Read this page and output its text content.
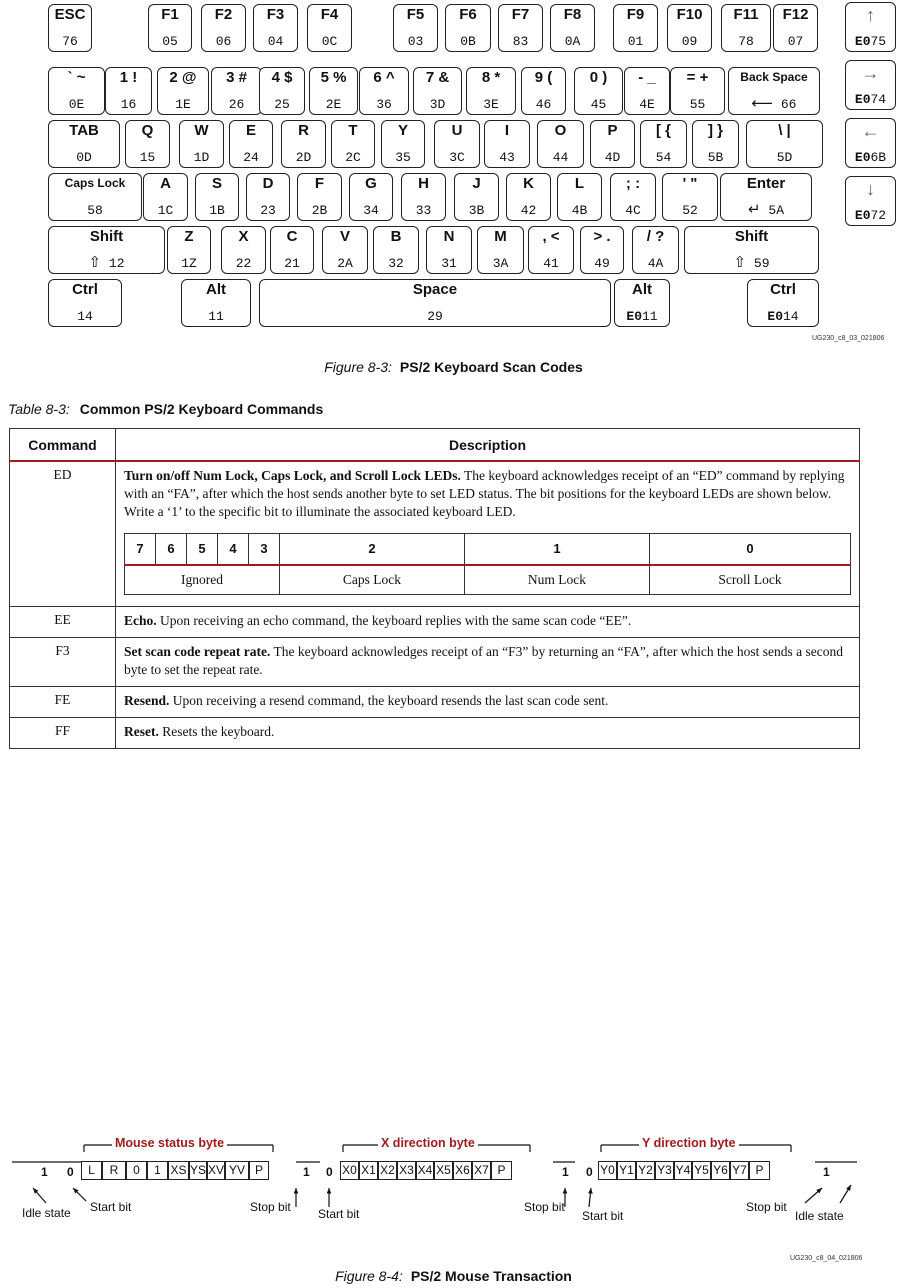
ESC
76
F1
05
F2
06
F3
04
F4
0C
F5
03
F6
0B
F7
83
F8
0A
F9
01
F10
09
F11
78
F12
07
` ~
0E
1 !
16
2 @
1E
3 #
26
4 $
25
5 %
2E
6 ^
36
7 &
3D
8 *
3E
9 (
46
0 )
45
- _
4E
= +
55
Back Space
⟵ 66
TAB
0D
Q
15
W
1D
E
24
R
2D
T
2C
Y
35
U
3C
I
43
O
44
P
4D
[ {
54
] }
5B
\ |
5D
Caps Lock
58
A
1C
S
1B
D
23
F
2B
G
34
H
33
J
3B
K
42
L
4B
; :
4C
' "
52
Enter
↵ 5A
Shift
⇧ 12
Z
1Z
X
22
C
21
V
2A
B
32
N
31
M
3A
, <
41
> .
49
/ ?
4A
Shift
⇧ 59
Ctrl
14
Alt
11
Space
29
Alt
E011
Ctrl
E014
↑
E075
→
E074
←
E06B
↓
E072
UG230_c8_03_021806
Figure 8-3: PS/2 Keyboard Scan Codes
Table 8-3: Common PS/2 Keyboard Commands
Command	Description
ED	Turn on/off Num Lock, Caps Lock, and Scroll Lock LEDs. The keyboard acknowledges receipt of an “ED” command by replying with an “FA”, after which the host sends another byte to set LED status. The bit positions for the keyboard LEDs are shown below. Write a ‘1’ to the specific bit to illuminate the associated keyboard LED.
7	6	5	4	3	2	1	0
Ignored	Caps Lock	Num Lock	Scroll Lock

EE	Echo. Upon receiving an echo command, the keyboard replies with the same scan code “EE”.
F3	Set scan code repeat rate. The keyboard acknowledges receipt of an “F3” by returning an “FA”, after which the host sends a second byte to set the repeat rate.
FE	Resend. Upon receiving a resend command, the keyboard resends the last scan code sent.
FF	Reset. Resets the keyboard.
1 0	L	R	0	1 XS YS XV YV P	1 0 X0 X1 X2 X3 X4 X5 X6 X7 P	1 0 Y0 Y1 Y2 Y3 Y4 Y5 Y6 Y7 P	1
Mouse status byte	X direction byte	Y direction byte
Idle state Start bit	Stop bit Start bit	Stop bit
Start bit
Stop bit
Idle state
UG230_c8_04_021806
Figure 8-4: PS/2 Mouse Transaction
